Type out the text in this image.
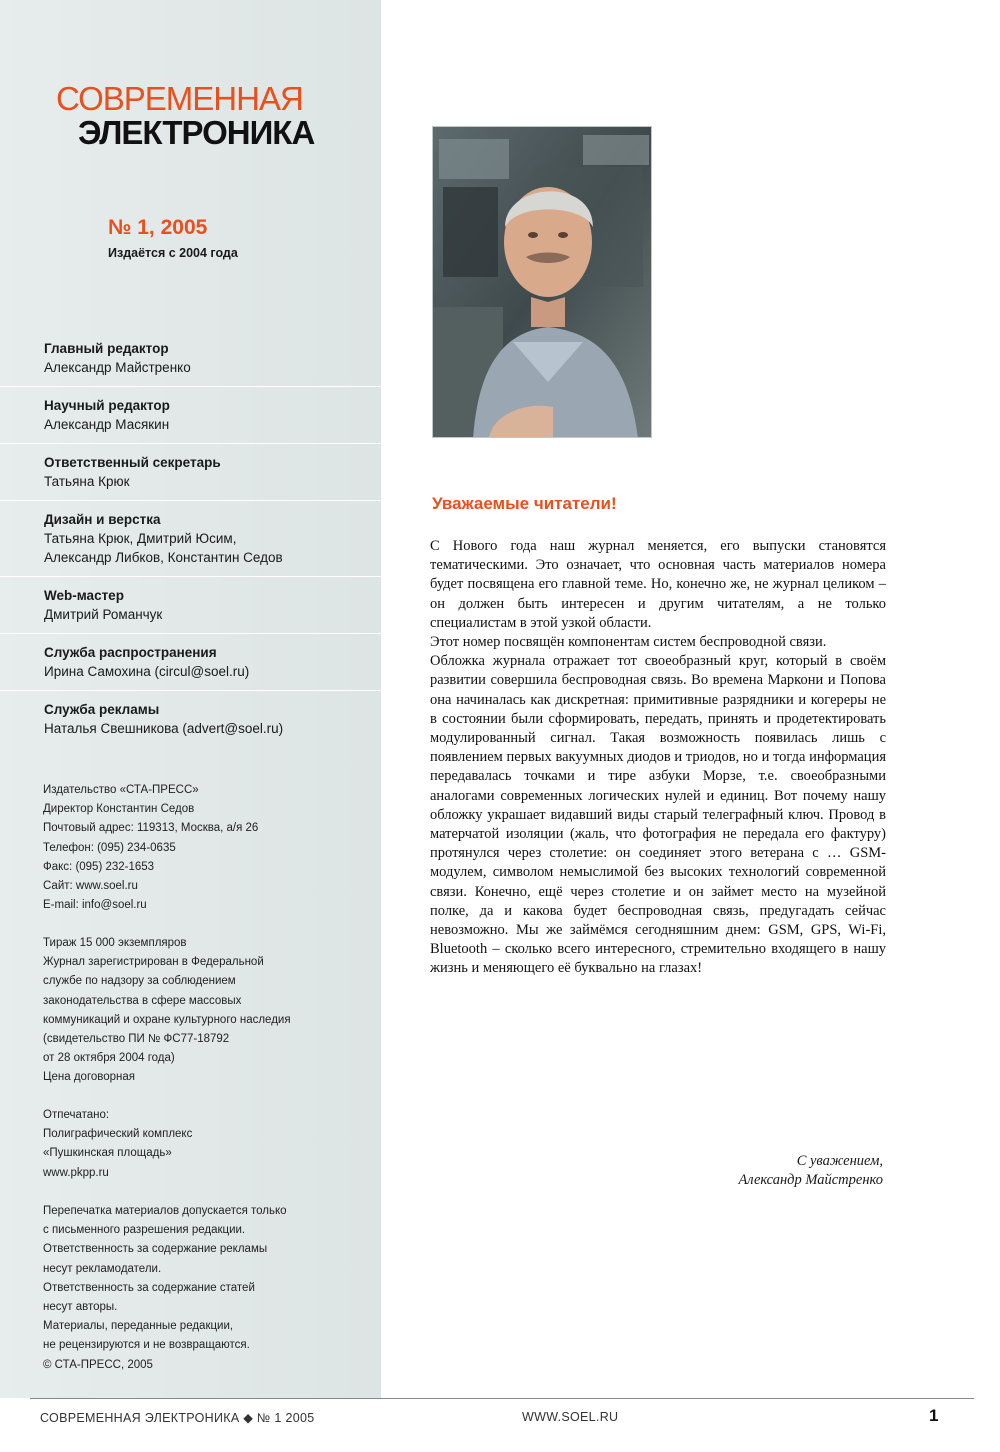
СОВРЕМЕННАЯ
ЭЛЕКТРОНИКА
№ 1, 2005
Издаётся с 2004 года
Главный редактор
Александр Майстренко
Научный редактор
Александр Масякин
Ответственный секретарь
Татьяна Крюк
Дизайн и верстка
Татьяна Крюк, Дмитрий Юсим,
Александр Либков, Константин Седов
Web-мастер
Дмитрий Романчук
Служба распространения
Ирина Самохина (circul@soel.ru)
Служба рекламы
Наталья Свешникова (advert@soel.ru)
Издательство «СТА-ПРЕСС»
Директор Константин Седов
Почтовый адрес: 119313, Москва, а/я 26
Телефон: (095) 234-0635
Факс: (095) 232-1653
Сайт: www.soel.ru
E-mail: info@soel.ru
Тираж 15 000 экземпляров
Журнал зарегистрирован в Федеральной
службе по надзору за соблюдением
законодательства в сфере массовых
коммуникаций и охране культурного наследия
(свидетельство ПИ № ФС77-18792
от 28 октября 2004 года)
Цена договорная
Отпечатано:
Полиграфический комплекс
«Пушкинская площадь»
www.pkpp.ru
Перепечатка материалов допускается только
с письменного разрешения редакции.
Ответственность за содержание рекламы
несут рекламодатели.
Ответственность за содержание статей
несут авторы.
Материалы, переданные редакции,
не рецензируются и не возвращаются.
© СТА-ПРЕСС, 2005
Уважаемые читатели!

С Нового года наш журнал меняется, его выпуски становятся тематическими. Это означает, что основная часть материалов номера будет посвящена его главной теме. Но, конечно же, не журнал целиком – он должен быть интересен и другим читателям, а не только специалистам в этой узкой области.

Этот номер посвящён компонентам систем беспроводной связи.

Обложка журнала отражает тот своеобразный круг, который в своём развитии совершила беспроводная связь. Во времена Маркони и Попова она начиналась как дискретная: примитивные разрядники и когереры не в состоянии были сформировать, передать, принять и продетектировать модулированный сигнал. Такая возможность появилась лишь с появлением первых вакуумных диодов и триодов, но и тогда информация передавалась точками и тире азбуки Морзе, т.е. своеобразными аналогами современных логических нулей и единиц. Вот почему нашу обложку украшает видавший виды старый телеграфный ключ. Провод в матерчатой изоляции (жаль, что фотография не передала его фактуру) протянулся через столетие: он соединяет этого ветерана с … GSM-модулем, символом немыслимой без высоких технологий современной связи. Конечно, ещё через столетие и он займет место на музейной полке, да и какова будет беспроводная связь, предугадать сейчас невозможно. Мы же займёмся сегодняшним днем: GSM, GPS, Wi-Fi, Bluetooth – сколько всего интересного, стремительно входящего в нашу жизнь и меняющего её буквально на глазах!

С уважением,
Александр Майстренко
СОВРЕМЕННАЯ ЭЛЕКТРОНИКА ◆ № 1 2005	WWW.SOEL.RU	1
